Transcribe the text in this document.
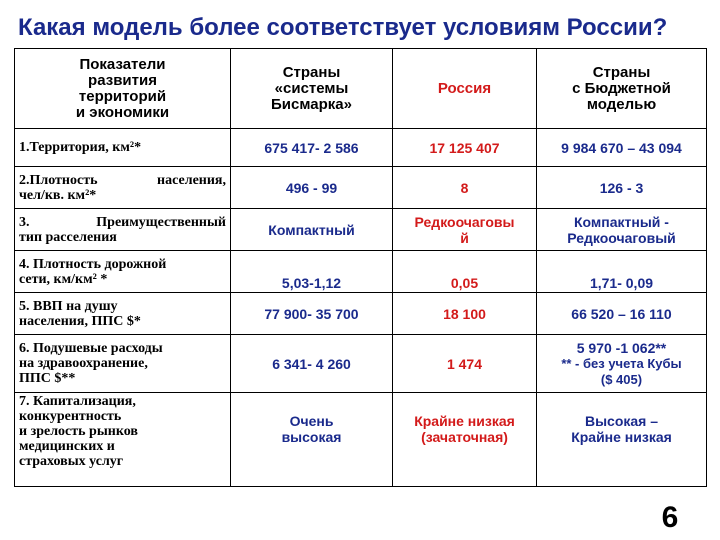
Какая модель более соответствует условиям России?
Показатели
развития
территорий
и экономики	Страны
«системы
Бисмарка»	Россия	Страны
с Бюджетной
моделью

1.Территория, км²*	675 417- 2 586	17 125 407	9 984 670 – 43 094

2.Плотность населения,
чел/кв. км²*	496 - 99	8	126 - 3

3. Преимущественный
тип расселения	Компактный	Редкоочаговы
й	Компактный -
Редкоочаговый

4. Плотность дорожной
сети, км/км² *	5,03-1,12	0,05	1,71- 0,09

5. ВВП на душу
населения, ППС $*	77 900- 35 700	18 100	66 520 – 16 110

6. Подушевые расходы
на здравоохранение,
ППС $**	6 341- 4 260	1 474	5 970 -1 062**
** - без учета Кубы
($ 405)

7. Капитализация,
конкурентность
и зрелость рынков
медицинских и
страховых услуг	Очень
высокая	Крайне низкая
(зачаточная)	Высокая –
Крайне низкая
6
